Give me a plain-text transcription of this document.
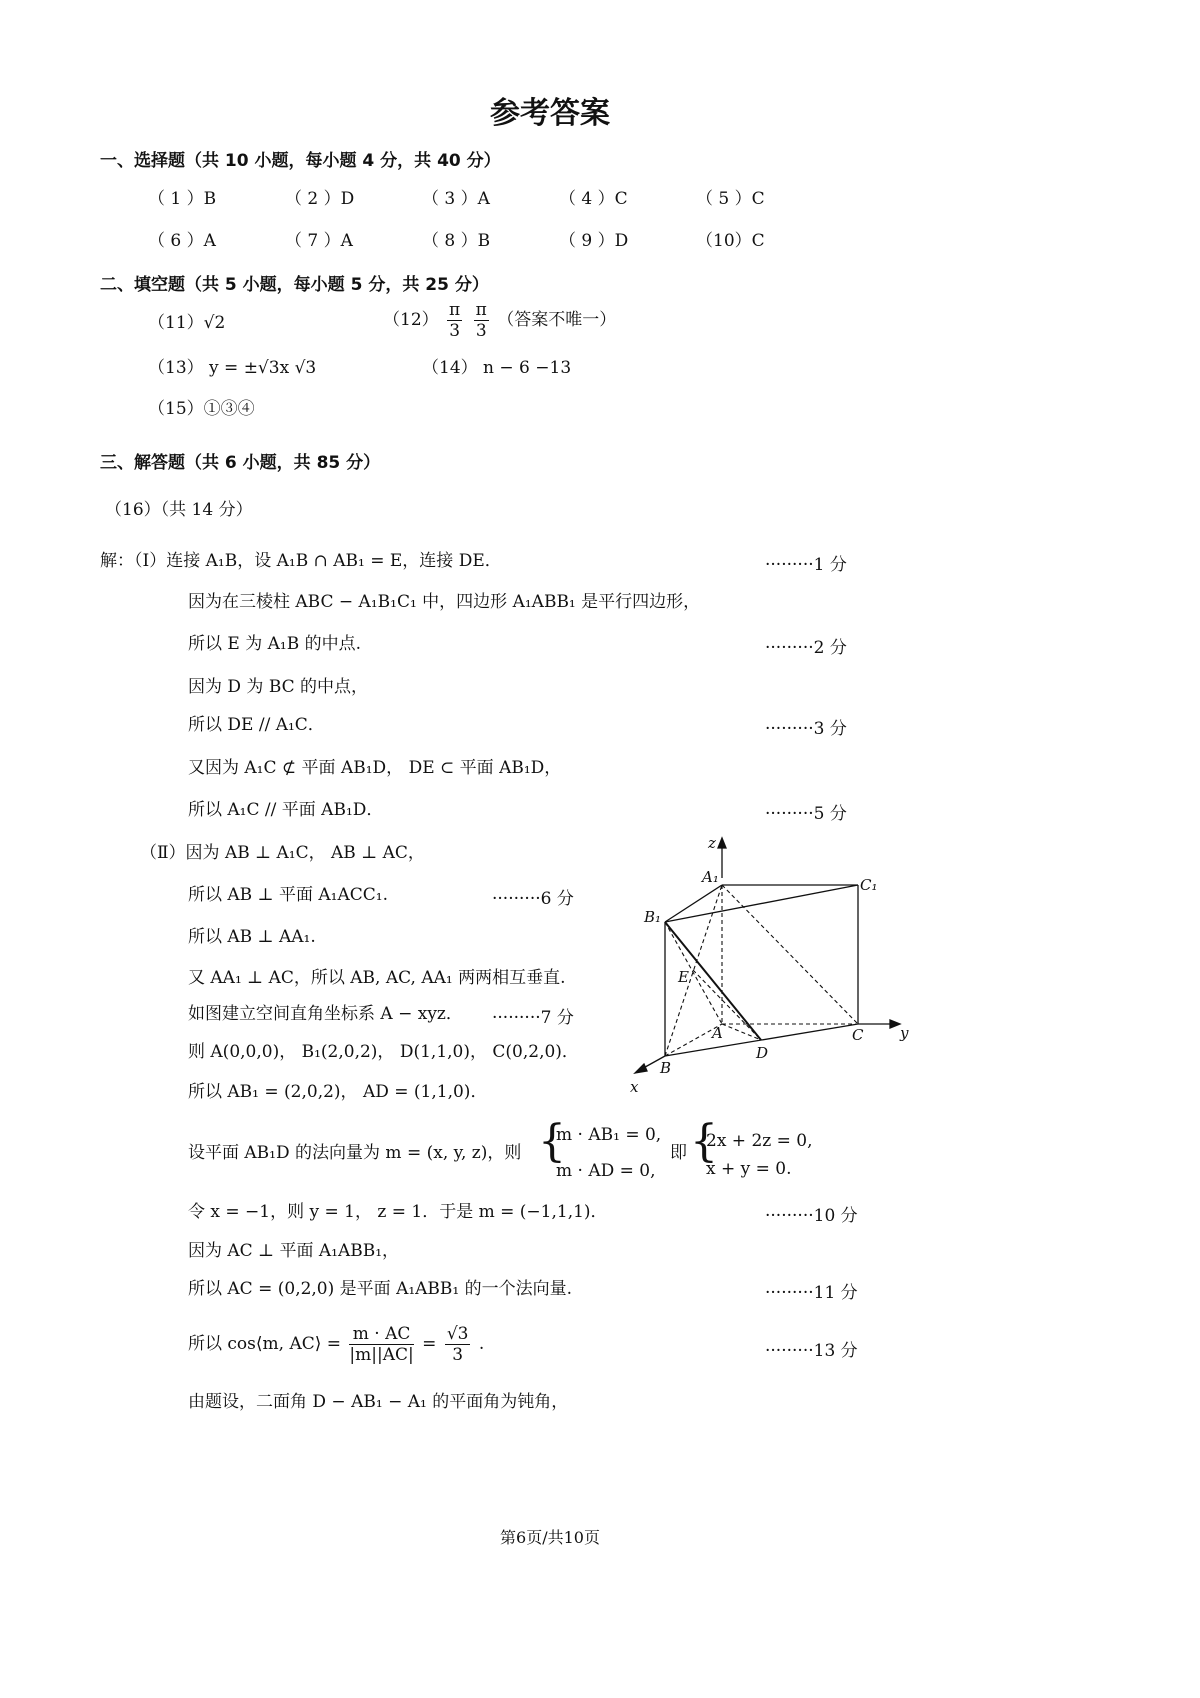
参考答案
一、选择题（共 10 小题，每小题 4 分，共 40 分）
（ 1 ）B	（ 2 ）D	（ 3 ）A	（ 4 ）C	（ 5 ）C
（ 6 ）A	（ 7 ）A	（ 8 ）B	（ 9 ）D	（10）C
二、填空题（共 5 小题，每小题 5 分，共 25 分）
（11）√2	$(12) \frac{\pi}{3}$
$\frac{\pi}{3}$ （答案不唯一）
（13） y = ±√3x √3	（14） n − 6 −13
（15）①③④
三、解答题（共 6 小题，共 85 分）
（16）（共 14 分）
解：（Ⅰ）连接 A₁B，设 A₁B ∩ AB₁ = E，连接 DE．	·········1 分
因为在三棱柱 ABC − A₁B₁C₁ 中，四边形 A₁ABB₁ 是平行四边形，
所以 E 为 A₁B 的中点.	·········2 分
因为 D 为 BC 的中点，
所以 DE // A₁C．	·········3 分
又因为 A₁C ⊄ 平面 AB₁D， DE ⊂ 平面 AB₁D，
所以 A₁C // 平面 AB₁D．	·········5 分
（Ⅱ）因为 AB ⊥ A₁C， AB ⊥ AC，
所以 AB ⊥ 平面 A₁ACC₁.	·········6 分
所以 AB ⊥ AA₁.
又 AA₁ ⊥ AC，所以 AB, AC, AA₁ 两两相互垂直.
如图建立空间直角坐标系 A − xyz． ·········7 分
则 A(0,0,0)， B₁(2,0,2)， D(1,1,0)， C(0,2,0)．
所以 AB₁ = (2,0,2)， AD = (1,1,0)．
设平面 AB₁D 的法向量为 m = (x, y, z)，则 {
m · AB₁ = 0,
m · AD = 0,
即 {
2x + 2z = 0,
x + y = 0.
令 x = −1，则 y = 1， z = 1．于是 m = (−1,1,1)．	·········10 分
因为 AC ⊥ 平面 A₁ABB₁，
所以 AC = (0,2,0) 是平面 A₁ABB₁ 的一个法向量.	·········11 分
所以 cos⟨m, AC⟩ = $\frac{m \cdot AC}{|m||AC|} = \frac{√3}{3}$ .	·········13 分
由题设，二面角 D − AB₁ − A₁ 的平面角为钝角，
z
y
x
A₁	C₁
B₁
E
A	C
B
D
第6页/共10页
